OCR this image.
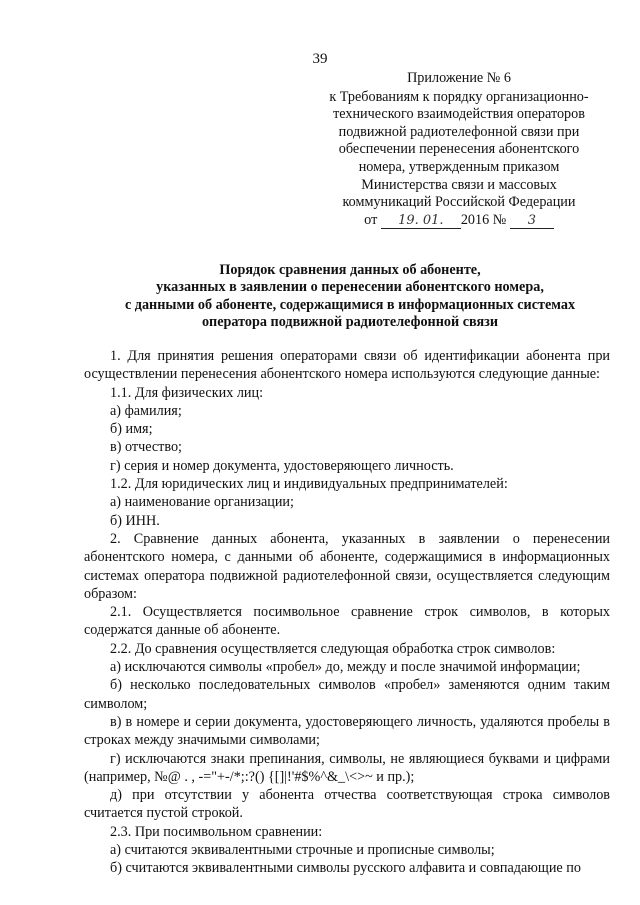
39
Приложение № 6
к Требованиям к порядку организационно-
технического взаимодействия операторов
подвижной радиотелефонной связи при
обеспечении перенесения абонентского
номера, утвержденным приказом
Министерства связи и массовых
коммуникаций Российской Федерации
от 19. 01. 2016 № 3
Порядок сравнения данных об абоненте,
указанных в заявлении о перенесении абонентского номера,
с данными об абоненте, содержащимися в информационных системах
оператора подвижной радиотелефонной связи

1. Для принятия решения операторами связи об идентификации абонента при осуществлении перенесения абонентского номера используются следующие данные:

1.1. Для физических лиц:

а) фамилия;

б) имя;

в) отчество;

г) серия и номер документа, удостоверяющего личность.

1.2. Для юридических лиц и индивидуальных предпринимателей:

а) наименование организации;

б) ИНН.

2. Сравнение данных абонента, указанных в заявлении о перенесении абонентского номера, с данными об абоненте, содержащимися в информационных системах оператора подвижной радиотелефонной связи, осуществляется следующим образом:

2.1. Осуществляется посимвольное сравнение строк символов, в которых содержатся данные об абоненте.

2.2. До сравнения осуществляется следующая обработка строк символов:

а) исключаются символы «пробел» до, между и после значимой информации;

б) несколько последовательных символов «пробел» заменяются одним таким символом;

в) в номере и серии документа, удостоверяющего личность, удаляются пробелы в строках между значимыми символами;

г) исключаются знаки препинания, символы, не являющиеся буквами и цифрами (например, №@ . , -="+-/*;:?() {[]|!'#$%^&_\<>~ и пр.);

д) при отсутствии у абонента отчества соответствующая строка символов считается пустой строкой.

2.3. При посимвольном сравнении:

а) считаются эквивалентными строчные и прописные символы;

б) считаются эквивалентными символы русского алфавита и совпадающие по
